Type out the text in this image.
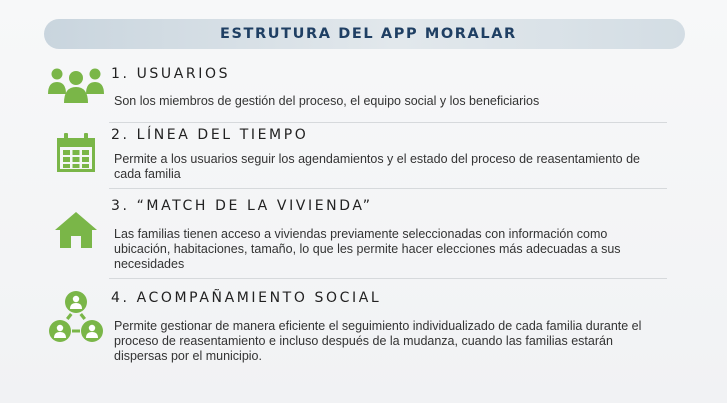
ESTRUTURA DEL APP MORALAR
1. USUARIOS
Son los miembros de gestión del proceso, el equipo social y los beneficiarios
2. LÍNEA DEL TIEMPO
Permite a los usuarios seguir los agendamientos y el estado del proceso de reasentamiento de cada familia
3. “MATCH DE LA VIVIENDA”
Las familias tienen acceso a viviendas previamente seleccionadas con información como ubicación, habitaciones, tamaño, lo que les permite hacer elecciones más adecuadas a sus necesidades
4. ACOMPAÑAMIENTO SOCIAL
Permite gestionar de manera eficiente el seguimiento individualizado de cada familia durante el proceso de reasentamiento e incluso después de la mudanza, cuando las familias estarán dispersas por el municipio.
